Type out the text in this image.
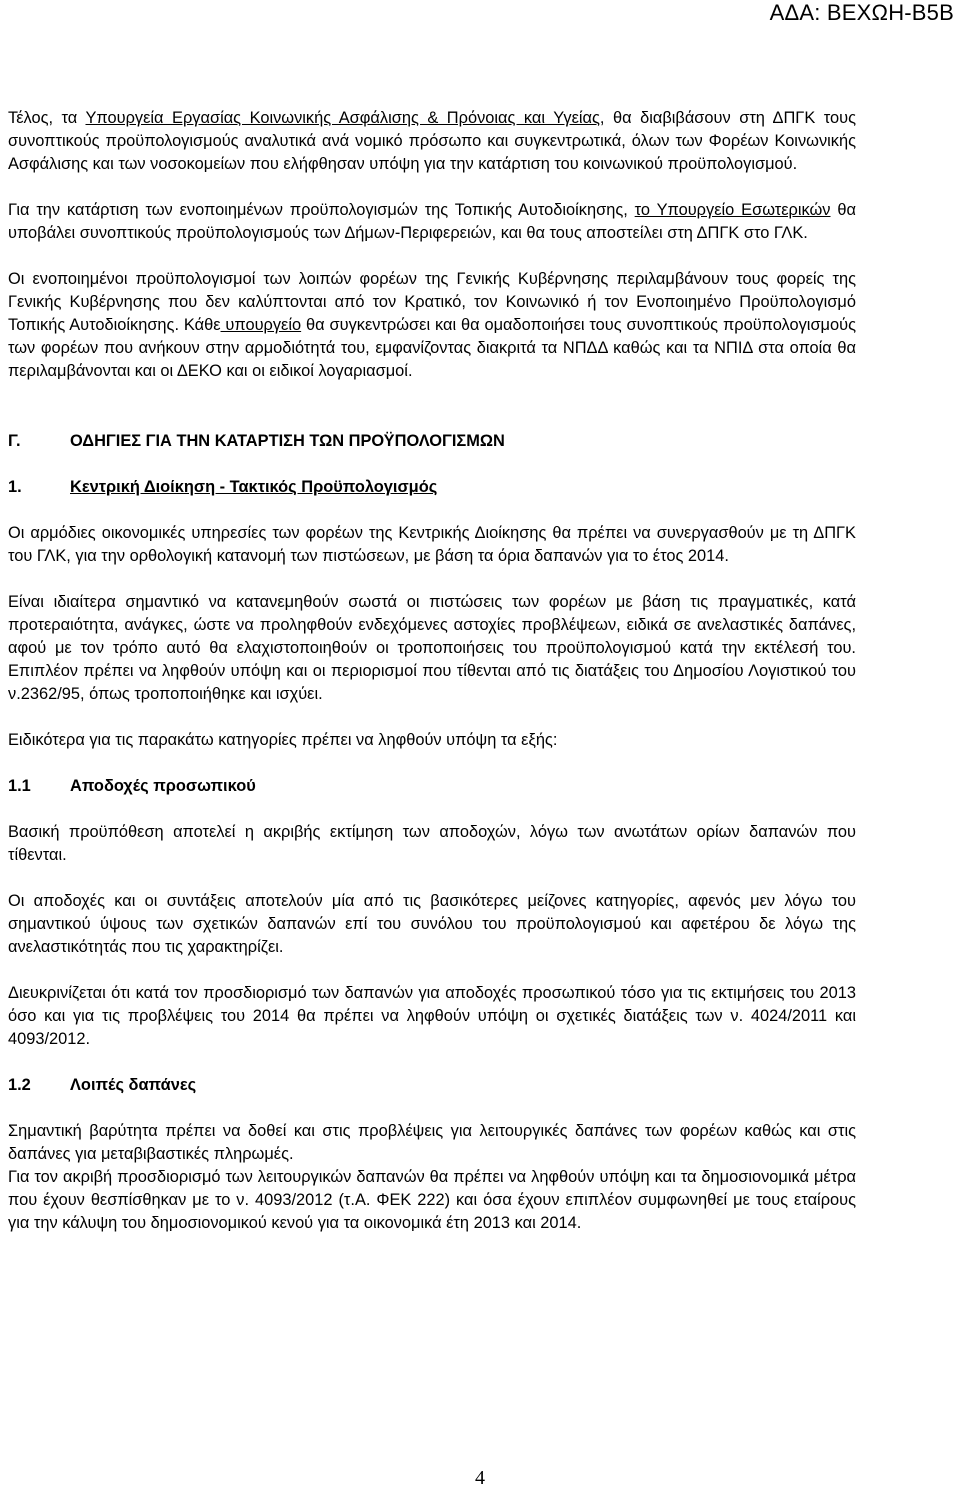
ΑΔΑ: ΒΕΧΩΗ-Β5Β

Τέλος, τα Υπουργεία Εργασίας Κοινωνικής Ασφάλισης & Πρόνοιας και Υγείας, θα διαβιβάσουν στη ΔΠΓΚ τους συνοπτικούς προϋπολογισμούς αναλυτικά ανά νομικό πρόσωπο και συγκεντρωτικά, όλων των Φορέων Κοινωνικής Ασφάλισης και των νοσοκομείων που ελήφθησαν υπόψη για την κατάρτιση του κοινωνικού προϋπολογισμού.

Για την κατάρτιση των ενοποιημένων προϋπολογισμών της Τοπικής Αυτοδιοίκησης, το Υπουργείο Εσωτερικών θα υποβάλει συνοπτικούς προϋπολογισμούς των Δήμων-Περιφερειών, και θα τους αποστείλει στη ΔΠΓΚ στο ΓΛΚ.

Οι ενοποιημένοι προϋπολογισμοί των λοιπών φορέων της Γενικής Κυβέρνησης περιλαμβάνουν τους φορείς της Γενικής Κυβέρνησης που δεν καλύπτονται από τον Κρατικό, τον Κοινωνικό ή τον Ενοποιημένο Προϋπολογισμό Τοπικής Αυτοδιοίκησης. Κάθε υπουργείο θα συγκεντρώσει και θα ομαδοποιήσει τους συνοπτικούς προϋπολογισμούς των φορέων που ανήκουν στην αρμοδιότητά του, εμφανίζοντας διακριτά τα ΝΠΔΔ καθώς και τα ΝΠΙΔ στα οποία θα περιλαμβάνονται και οι ΔΕΚΟ και οι ειδικοί λογαριασμοί.

Γ.	ΟΔΗΓΙΕΣ ΓΙΑ ΤΗΝ ΚΑΤΑΡΤΙΣΗ ΤΩΝ ΠΡΟΫΠΟΛΟΓΙΣΜΩΝ

1.	Κεντρική Διοίκηση - Τακτικός Προϋπολογισμός

Οι αρμόδιες οικονομικές υπηρεσίες των φορέων της Κεντρικής Διοίκησης θα πρέπει να συνεργασθούν με τη ΔΠΓΚ του ΓΛΚ, για την ορθολογική κατανομή των πιστώσεων, με βάση τα όρια δαπανών για το έτος 2014.

Είναι ιδιαίτερα σημαντικό να κατανεμηθούν σωστά οι πιστώσεις των φορέων με βάση τις πραγματικές, κατά προτεραιότητα, ανάγκες, ώστε να προληφθούν ενδεχόμενες αστοχίες προβλέψεων, ειδικά σε ανελαστικές δαπάνες, αφού με τον τρόπο αυτό θα ελαχιστοποιηθούν οι τροποποιήσεις του προϋπολογισμού κατά την εκτέλεσή του. Επιπλέον πρέπει να ληφθούν υπόψη και οι περιορισμοί που τίθενται από τις διατάξεις του Δημοσίου Λογιστικού του ν.2362/95, όπως τροποποιήθηκε και ισχύει.

Ειδικότερα για τις παρακάτω κατηγορίες πρέπει να ληφθούν υπόψη τα εξής:

1.1 Αποδοχές προσωπικού

Βασική προϋπόθεση αποτελεί η ακριβής εκτίμηση των αποδοχών, λόγω των ανωτάτων ορίων δαπανών που τίθενται.

Οι αποδοχές και οι συντάξεις αποτελούν μία από τις βασικότερες μείζονες κατηγορίες, αφενός μεν λόγω του σημαντικού ύψους των σχετικών δαπανών επί του συνόλου του προϋπολογισμού και αφετέρου δε λόγω της ανελαστικότητάς που τις χαρακτηρίζει.

Διευκρινίζεται ότι κατά τον προσδιορισμό των δαπανών για αποδοχές προσωπικού τόσο για τις εκτιμήσεις του 2013 όσο και για τις προβλέψεις του 2014 θα πρέπει να ληφθούν υπόψη οι σχετικές διατάξεις των ν. 4024/2011 και 4093/2012.

1.2 Λοιπές δαπάνες

Σημαντική βαρύτητα πρέπει να δοθεί και στις προβλέψεις για λειτουργικές δαπάνες των φορέων καθώς και στις δαπάνες για μεταβιβαστικές πληρωμές.

Για τον ακριβή προσδιορισμό των λειτουργικών δαπανών θα πρέπει να ληφθούν υπόψη και τα δημοσιονομικά μέτρα που έχουν θεσπίσθηκαν με το ν. 4093/2012 (τ.Α. ΦΕΚ 222) και όσα έχουν επιπλέον συμφωνηθεί με τους εταίρους για την κάλυψη του δημοσιονομικού κενού για τα οικονομικά έτη 2013 και 2014.

4
